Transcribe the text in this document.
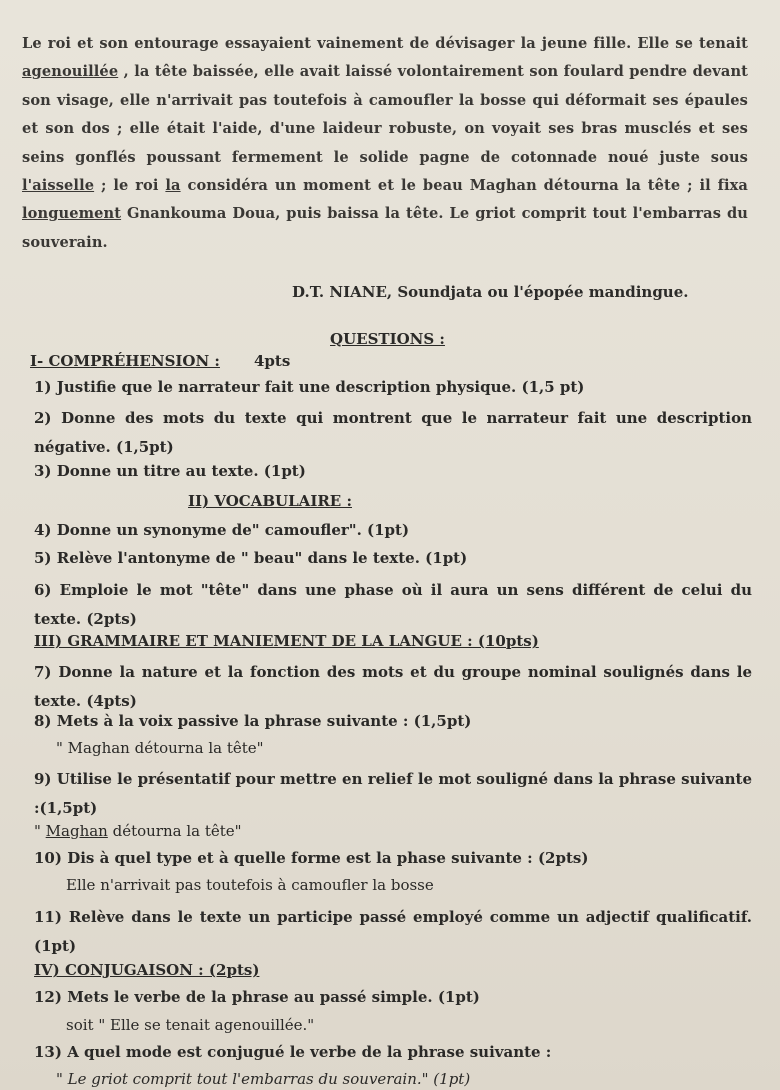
Le roi et son entourage essayaient vainement de dévisager la jeune fille. Elle se tenait agenouillée , la tête baissée, elle avait laissé volontairement son foulard pendre devant son visage, elle n'arrivait pas toutefois à camoufler la bosse qui déformait ses épaules et son dos ; elle était l'aide, d'une laideur robuste, on voyait ses bras musclés et ses seins gonflés poussant fermement le solide pagne de cotonnade noué juste sous l'aisselle ; le roi la considéra un moment et le beau Maghan détourna la tête ; il fixa longuement Gnankouma Doua, puis baissa la tête. Le griot comprit tout l'embarras du souverain.
D.T. NIANE, Soundjata ou l'épopée mandingue.
QUESTIONS :
I- COMPRÉHENSION : 4pts
1) Justifie que le narrateur fait une description physique. (1,5 pt)
2) Donne des mots du texte qui montrent que le narrateur fait une description négative. (1,5pt)
3) Donne un titre au texte. (1pt)
II) VOCABULAIRE :
4) Donne un synonyme de" camoufler". (1pt)
5) Relève l'antonyme de " beau" dans le texte. (1pt)
6) Emploie le mot "tête" dans une phase où il aura un sens différent de celui du texte. (2pts)
III) GRAMMAIRE ET MANIEMENT DE LA LANGUE : (10pts)
7) Donne la nature et la fonction des mots et du groupe nominal soulignés dans le texte. (4pts)
8) Mets à la voix passive la phrase suivante : (1,5pt)
" Maghan détourna la tête"
9) Utilise le présentatif pour mettre en relief le mot souligné dans la phrase suivante :(1,5pt)
" Maghan détourna la tête"
10) Dis à quel type et à quelle forme est la phase suivante : (2pts)
Elle n'arrivait pas toutefois à camoufler la bosse
11) Relève dans le texte un participe passé employé comme un adjectif qualificatif. (1pt)
IV) CONJUGAISON : (2pts)
12) Mets le verbe de la phrase au passé simple. (1pt)
soit " Elle se tenait agenouillée."
13) A quel mode est conjugué le verbe de la phrase suivante :
" Le griot comprit tout l'embarras du souverain." (1pt)
